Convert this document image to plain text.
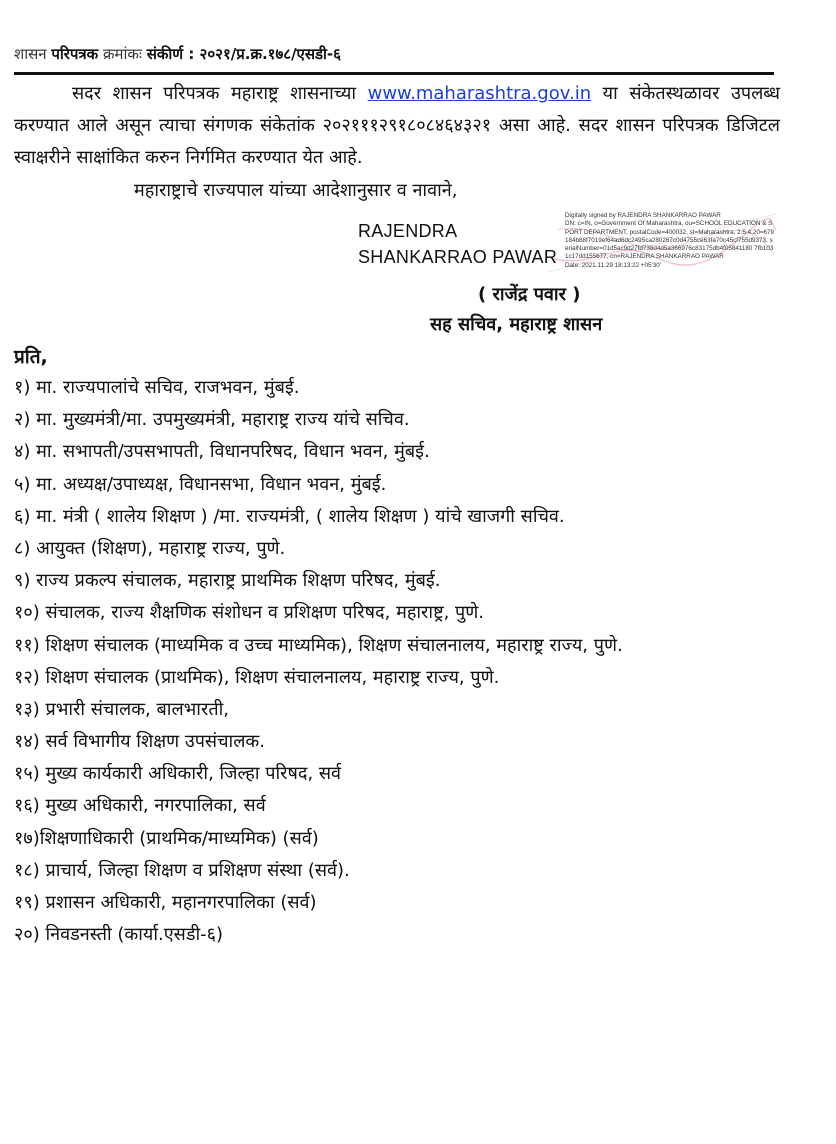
शासन परिपत्रक क्रमांकः संकीर्ण : २०२१/प्र.क्र.१७८/एसडी-६
सदर शासन परिपत्रक महाराष्ट्र शासनाच्या www.maharashtra.gov.in या संकेतस्थळावर उपलब्ध करण्यात आले असून त्याचा संगणक संकेतांक २०२१११२९१८०८४६४३२१ असा आहे. सदर शासन परिपत्रक डिजिटल स्वाक्षरीने साक्षांकित करुन निर्गमित करण्यात येत आहे.
महाराष्ट्राचे राज्यपाल यांच्या आदेशानुसार व नावाने,
RAJENDRA
SHANKARRAO PAWAR
Digitally signed by RAJENDRA SHANKARRAO PAWAR
DN: c=IN, o=Government Of Maharashtra, ou=SCHOOL EDUCATION & SPORT DEPARTMENT, postalCode=400032, st=Maharashtra, 2.5.4.20=679184b88f7019ef64ad6dc2495ca280267c0d4755ce63fa70c45cf755d9373, serialNumber=01d5ac9d27fd738d4d5a366976c83175db4f05841180 7fb1031c17dd155677, cn=RAJENDRA SHANKARRAO PAWAR
Date: 2021.11.29 18:13:22 +05'30'
( राजेंद्र पवार )
सह सचिव, महाराष्ट्र शासन
प्रति,
१) मा. राज्यपालांचे सचिव, राजभवन, मुंबई.
२) मा. मुख्यमंत्री/मा. उपमुख्यमंत्री, महाराष्ट्र राज्य यांचे सचिव.
४) मा. सभापती/उपसभापती, विधानपरिषद, विधान भवन, मुंबई.
५) मा. अध्यक्ष/उपाध्यक्ष, विधानसभा, विधान भवन, मुंबई.
६) मा. मंत्री ( शालेय शिक्षण ) /मा. राज्यमंत्री, ( शालेय शिक्षण ) यांचे खाजगी सचिव.
८) आयुक्त (शिक्षण), महाराष्ट्र राज्य, पुणे.
९) राज्य प्रकल्प संचालक, महाराष्ट्र प्राथमिक शिक्षण परिषद, मुंबई.
१०) संचालक, राज्य शैक्षणिक संशोधन व प्रशिक्षण परिषद, महाराष्ट्र, पुणे.
११) शिक्षण संचालक (माध्यमिक व उच्च माध्यमिक), शिक्षण संचालनालय, महाराष्ट्र राज्य, पुणे.
१२) शिक्षण संचालक (प्राथमिक), शिक्षण संचालनालय, महाराष्ट्र राज्य, पुणे.
१३) प्रभारी संचालक, बालभारती,
१४) सर्व विभागीय शिक्षण उपसंचालक.
१५) मुख्य कार्यकारी अधिकारी, जिल्हा परिषद, सर्व
१६) मुख्य अधिकारी, नगरपालिका, सर्व
१७)शिक्षणाधिकारी (प्राथमिक/माध्यमिक) (सर्व)
१८) प्राचार्य, जिल्हा शिक्षण व प्रशिक्षण संस्था (सर्व).
१९) प्रशासन अधिकारी, महानगरपालिका (सर्व)
२०) निवडनस्ती (कार्या.एसडी-६)
